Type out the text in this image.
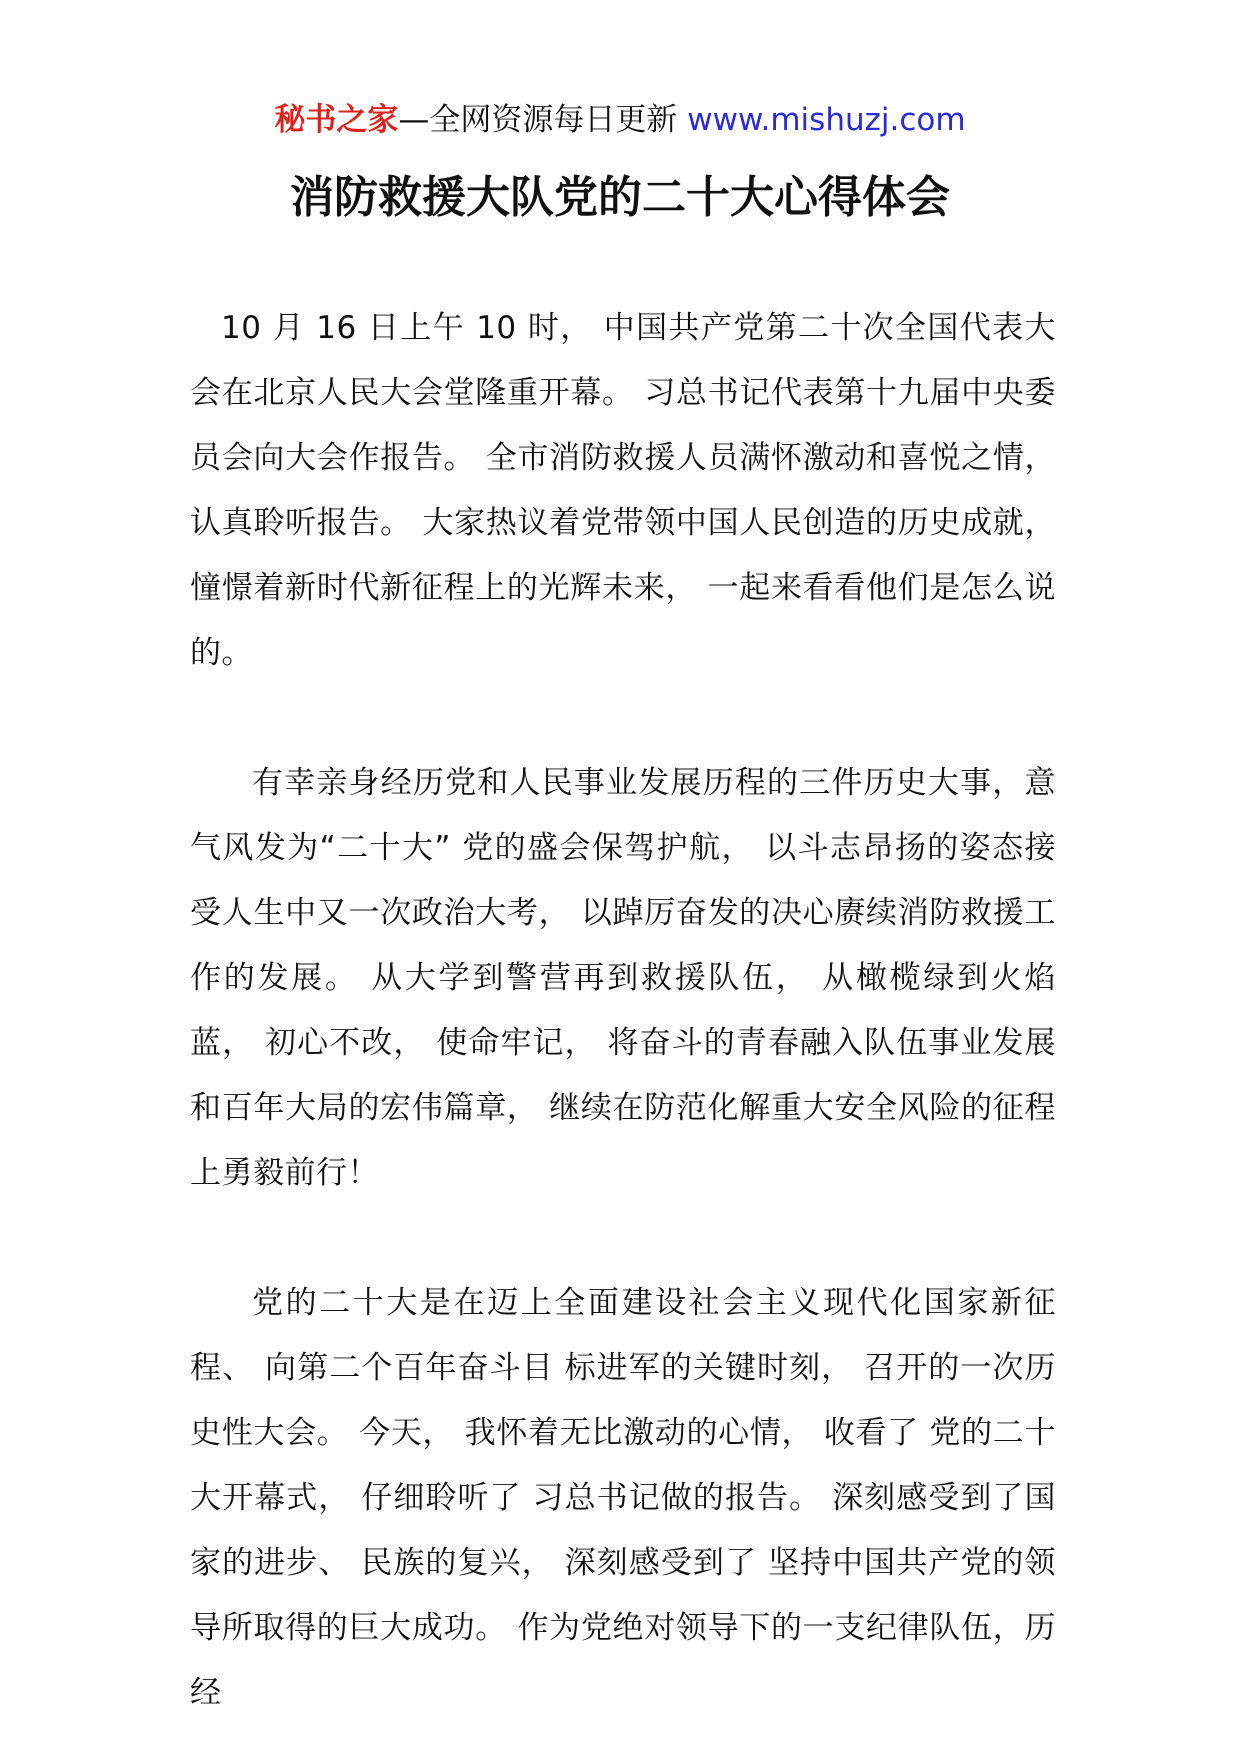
秘书之家—全网资源每日更新 www.mishuzj.com
消防救援大队党的二十大心得体会

10 月 16 日上午 10 时， 中国共产党第二十次全国代表大会在北京人民大会堂隆重开幕。 习总书记代表第十九届中央委员会向大会作报告。 全市消防救援人员满怀激动和喜悦之情，认真聆听报告。 大家热议着党带领中国人民创造的历史成就，憧憬着新时代新征程上的光辉未来， 一起来看看他们是怎么说的。

有幸亲身经历党和人民事业发展历程的三件历史大事，意气风发为“二十大” 党的盛会保驾护航， 以斗志昂扬的姿态接受人生中又一次政治大考， 以踔厉奋发的决心赓续消防救援工作的发展。 从大学到警营再到救援队伍， 从橄榄绿到火焰蓝， 初心不改， 使命牢记， 将奋斗的青春融入队伍事业发展和百年大局的宏伟篇章， 继续在防范化解重大安全风险的征程上勇毅前行！

党的二十大是在迈上全面建设社会主义现代化国家新征程、 向第二个百年奋斗目 标进军的关键时刻， 召开的一次历史性大会。 今天， 我怀着无比激动的心情， 收看了 党的二十大开幕式， 仔细聆听了 习总书记做的报告。 深刻感受到了国家的进步、 民族的复兴， 深刻感受到了 坚持中国共产党的领导所取得的巨大成功。 作为党绝对领导下的一支纪律队伍，历经
